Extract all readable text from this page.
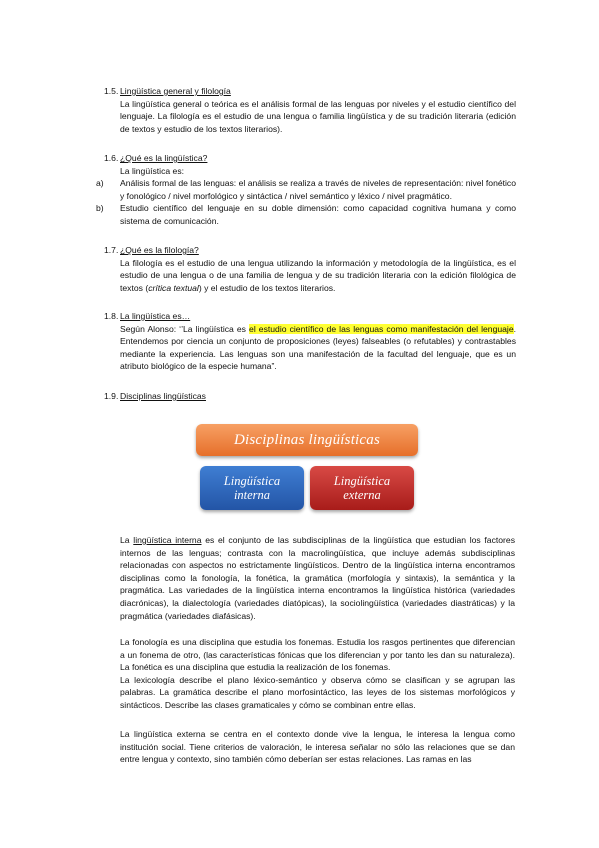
1.5. Lingüística general y filología
La lingüística general o teórica es el análisis formal de las lenguas por niveles y el estudio científico del lenguaje. La filología es el estudio de una lengua o familia lingüística y de su tradición literaria (edición de textos y estudio de los textos literarios).
1.6. ¿Qué es la lingüística?
La lingüística es:
a)	Análisis formal de las lenguas: el análisis se realiza a través de niveles de representación: nivel fonético y fonológico / nivel morfológico y sintáctica / nivel semántico y léxico / nivel pragmático.
b)	Estudio científico del lenguaje en su doble dimensión: como capacidad cognitiva humana y como sistema de comunicación.
1.7. ¿Qué es la filología?
La filología es el estudio de una lengua utilizando la información y metodología de la lingüística, es el estudio de una lengua o de una familia de lengua y de su tradición literaria con la edición filológica de textos (crítica textual) y el estudio de los textos literarios.
1.8. La lingüística es…
Según Alonso: ‘’La lingüística es el estudio científico de las lenguas como manifestación del lenguaje. Entendemos por ciencia un conjunto de proposiciones (leyes) falseables (o refutables) y contrastables mediante la experiencia. Las lenguas son una manifestación de la facultad del lenguaje, que es un atributo biológico de la especie humana”.
1.9. Disciplinas lingüísticas
Disciplinas lingüísticas
Lingüística
interna
Lingüística
externa
La lingüística interna es el conjunto de las subdisciplinas de la lingüística que estudian los factores internos de las lenguas; contrasta con la macrolingüística, que incluye además subdisciplinas relacionadas con aspectos no estrictamente lingüísticos. Dentro de la lingüística interna encontramos disciplinas como la fonología, la fonética, la gramática (morfología y sintaxis), la semántica y la pragmática. Las variedades de la lingüística interna encontramos la lingüística histórica (variedades diacrónicas), la dialectología (variedades diatópicas), la sociolingüística (variedades diastráticas) y la pragmática (variedades diafásicas).
La fonología es una disciplina que estudia los fonemas. Estudia los rasgos pertinentes que diferencian a un fonema de otro, (las características fónicas que los diferencian y por tanto les dan su naturaleza). La fonética es una disciplina que estudia la realización de los fonemas.
La lexicología describe el plano léxico-semántico y observa cómo se clasifican y se agrupan las palabras. La gramática describe el plano morfosintáctico, las leyes de los sistemas morfológicos y sintácticos. Describe las clases gramaticales y cómo se combinan entre ellas.
La lingüística externa se centra en el contexto donde vive la lengua, le interesa la lengua como institución social. Tiene criterios de valoración, le interesa señalar no sólo las relaciones que se dan entre lengua y contexto, sino también cómo deberían ser estas relaciones. Las ramas en las
